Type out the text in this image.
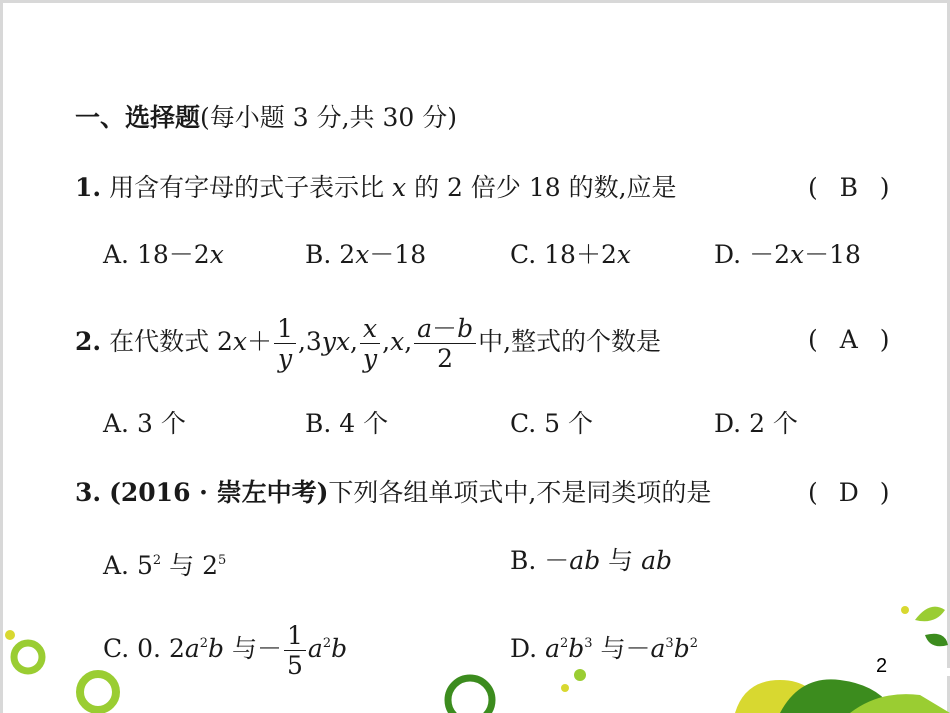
一、选择题(每小题 3 分,共 30 分)
1. 用含有字母的式子表示比 x 的 2 倍少 18 的数,应是	( B )
A. 18－2x	B. 2x－18	C. 18＋2x	D. －2x－18
2. 在代数式 $2x+ \frac{1}{y} ,3yx$, $\frac{x}{y} ,x$, $\frac{a-b}{2}$ 中,整式的个数是	( A )
A. 3 个	B. 4 个	C. 5 个	D. 2 个
3. (2016 · 崇左中考)下列各组单项式中,不是同类项的是	( D )
A. $5^2$ 与 $2^5$	B. －ab 与 ab
C. 0. $2a^2b$ 与－ $\frac{1}{5} a^2b$	D. $a^2b^3$ 与$-a^3b^2$
2
